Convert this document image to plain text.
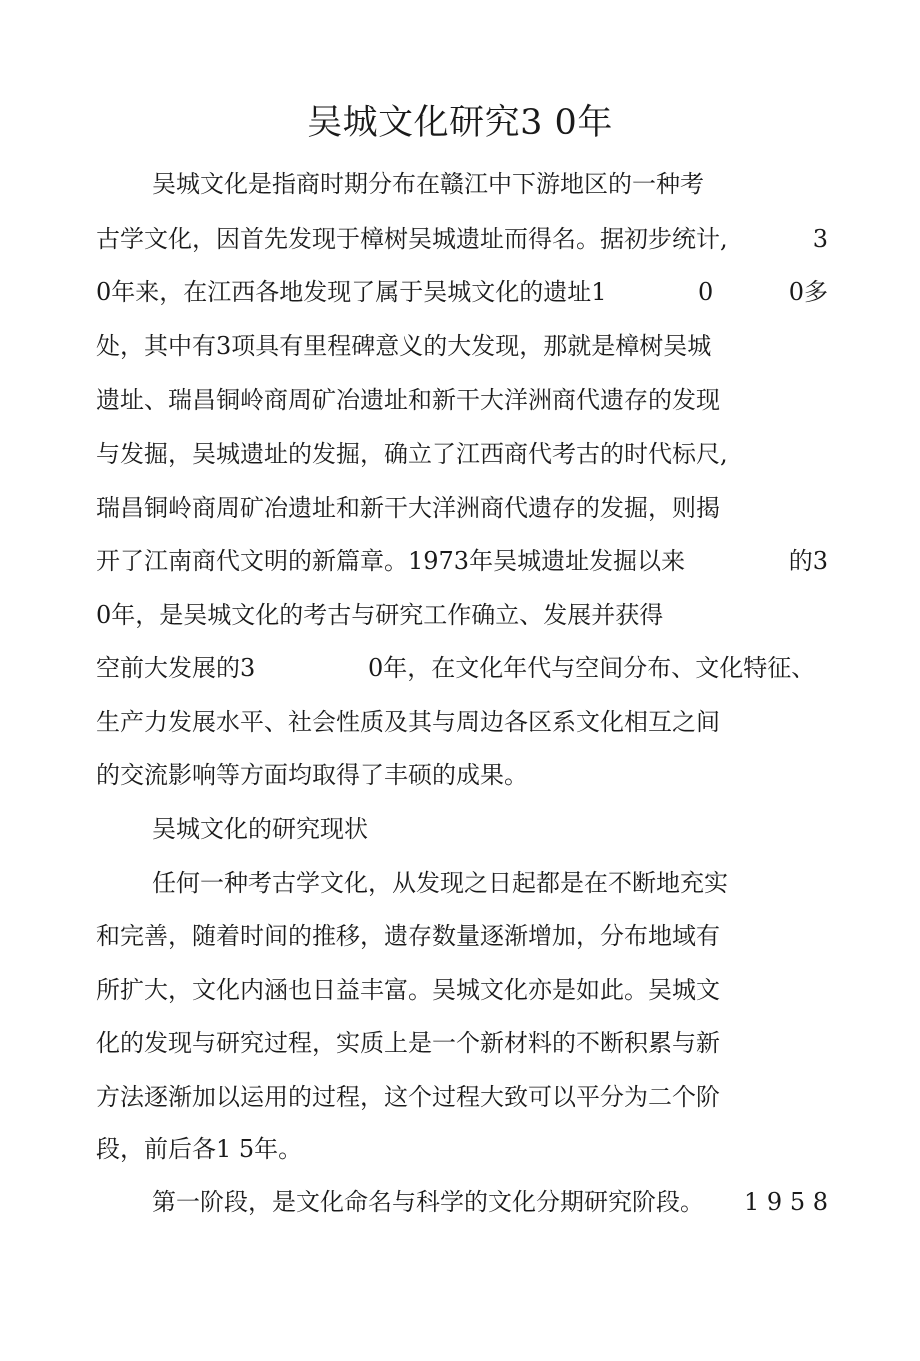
吴城文化研究3 0年
吴城文化是指商时期分布在赣江中下游地区的一种考
古学文化，因首先发现于樟树吴城遗址而得名。据初步统计,	3
0年来，在江西各地发现了属于吴城文化的遗址1	0	0多
处，其中有3项具有里程碑意义的大发现，那就是樟树吴城
遗址、瑞昌铜岭商周矿冶遗址和新干大洋洲商代遗存的发现
与发掘，吴城遗址的发掘，确立了江西商代考古的时代标尺,
瑞昌铜岭商周矿冶遗址和新干大洋洲商代遗存的发掘，则揭
开了江南商代文明的新篇章。1973年吴城遗址发掘以来	的3
0年，是吴城文化的考古与研究工作确立、发展并获得
空前大发展的3	0年，在文化年代与空间分布、文化特征、
生产力发展水平、社会性质及其与周边各区系文化相互之间
的交流影响等方面均取得了丰硕的成果。
吴城文化的研究现状
任何一种考古学文化，从发现之日起都是在不断地充实
和完善，随着时间的推移，遗存数量逐渐增加，分布地域有
所扩大，文化内涵也日益丰富。吴城文化亦是如此。吴城文
化的发现与研究过程，实质上是一个新材料的不断积累与新
方法逐渐加以运用的过程，这个过程大致可以平分为二个阶
段，前后各1 5年。
第一阶段，是文化命名与科学的文化分期研究阶段。 1 9 5 8
